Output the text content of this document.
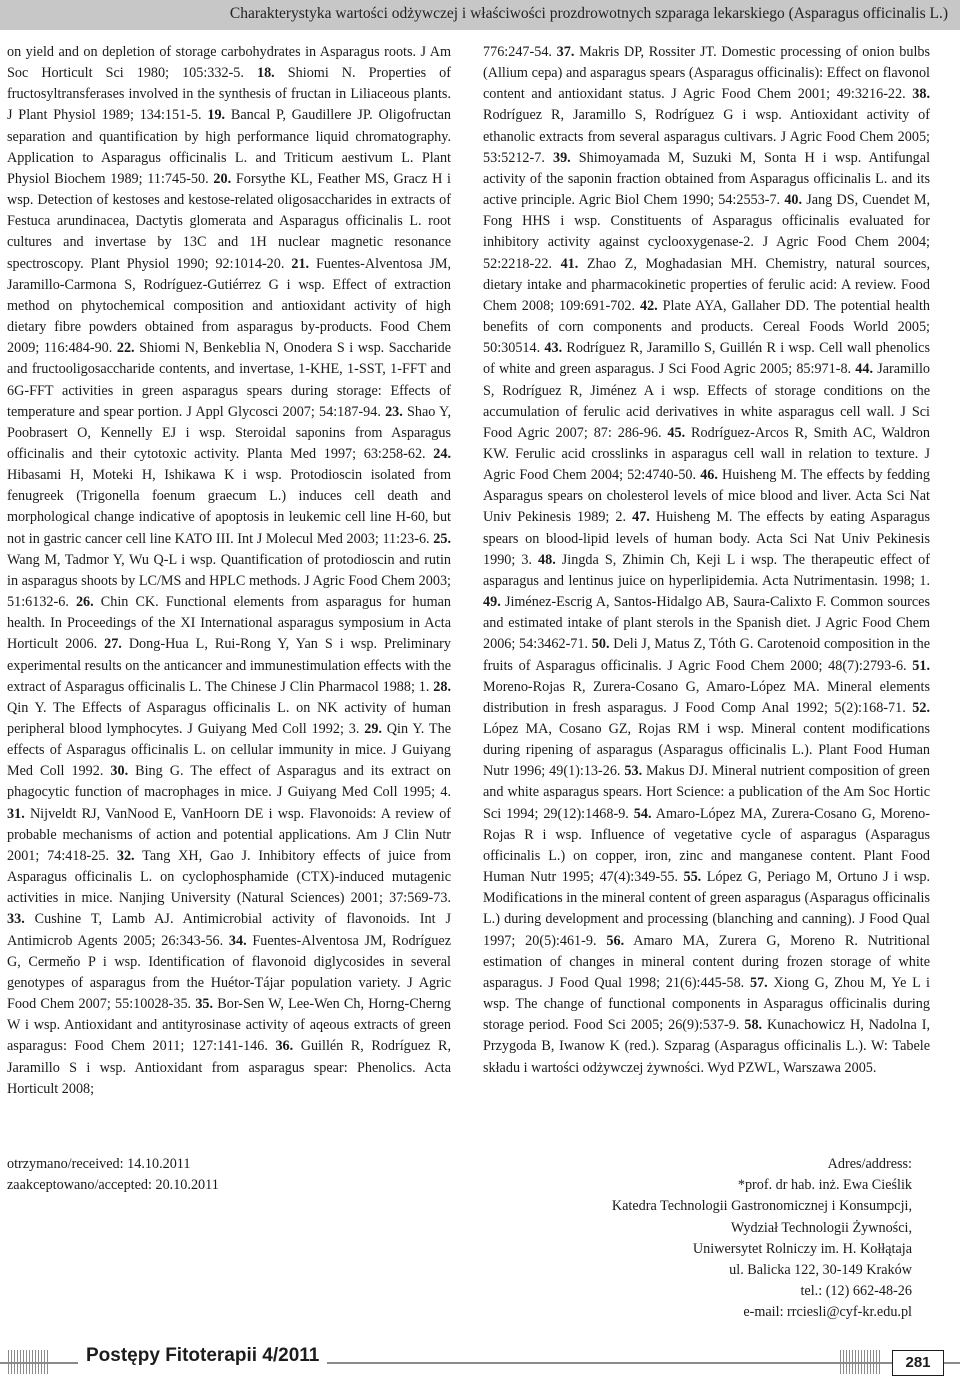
Charakterystyka wartości odżywczej i właściwości prozdrowotnych szparaga lekarskiego (Asparagus officinalis L.)

on yield and on depletion of storage carbohydrates in Asparagus roots. J Am Soc Horticult Sci 1980; 105:332-5. 18. Shiomi N. Properties of fructosyltransferases involved in the synthesis of fructan in Liliaceous plants. J Plant Physiol 1989; 134:151-5. 19. Bancal P, Gaudillere JP. Oligofructan separation and quantification by high performance liquid chromatography. Application to Asparagus officinalis L. and Triticum aestivum L. Plant Physiol Biochem 1989; 11:745-50. 20. Forsythe KL, Feather MS, Gracz H i wsp. Detection of kestoses and kestose-related oligosaccharides in extracts of Festuca arundinacea, Dactytis glomerata and Asparagus officinalis L. root cultures and invertase by 13C and 1H nuclear magnetic resonance spectroscopy. Plant Physiol 1990; 92:1014-20. 21. Fuentes-Alventosa JM, Jaramillo-Carmona S, Rodríguez-Gutiérrez G i wsp. Effect of extraction method on phytochemical composition and antioxidant activity of high dietary fibre powders obtained from asparagus by-products. Food Chem 2009; 116:484-90. 22. Shiomi N, Benkeblia N, Onodera S i wsp. Saccharide and fructooligosaccharide contents, and invertase, 1-KHE, 1-SST, 1-FFT and 6G-FFT activities in green asparagus spears during storage: Effects of temperature and spear portion. J Appl Glycosci 2007; 54:187-94. 23. Shao Y, Poobrasert O, Kennelly EJ i wsp. Steroidal saponins from Asparagus officinalis and their cytotoxic activity. Planta Med 1997; 63:258-62. 24. Hibasami H, Moteki H, Ishikawa K i wsp. Protodioscin isolated from fenugreek (Trigonella foenum graecum L.) induces cell death and morphological change indicative of apoptosis in leukemic cell line H-60, but not in gastric cancer cell line KATO III. Int J Molecul Med 2003; 11:23-6. 25. Wang M, Tadmor Y, Wu Q-L i wsp. Quantification of protodioscin and rutin in asparagus shoots by LC/MS and HPLC methods. J Agric Food Chem 2003; 51:6132-6. 26. Chin CK. Functional elements from asparagus for human health. In Proceedings of the XI International asparagus symposium in Acta Horticult 2006. 27. Dong-Hua L, Rui-Rong Y, Yan S i wsp. Preliminary experimental results on the anticancer and immunestimulation effects with the extract of Asparagus officinalis L. The Chinese J Clin Pharmacol 1988; 1. 28. Qin Y. The Effects of Asparagus officinalis L. on NK activity of human peripheral blood lymphocytes. J Guiyang Med Coll 1992; 3. 29. Qin Y. The effects of Asparagus officinalis L. on cellular immunity in mice. J Guiyang Med Coll 1992. 30. Bing G. The effect of Asparagus and its extract on phagocytic function of macrophages in mice. J Guiyang Med Coll 1995; 4. 31. Nijveldt RJ, VanNood E, VanHoorn DE i wsp. Flavonoids: A review of probable mechanisms of action and potential applications. Am J Clin Nutr 2001; 74:418-25. 32. Tang XH, Gao J. Inhibitory effects of juice from Asparagus officinalis L. on cyclophosphamide (CTX)-induced mutagenic activities in mice. Nanjing University (Natural Sciences) 2001; 37:569-73. 33. Cushine T, Lamb AJ. Antimicrobial activity of flavonoids. Int J Antimicrob Agents 2005; 26:343-56. 34. Fuentes-Alventosa JM, Rodríguez G, Cermeňo P i wsp. Identification of flavonoid diglycosides in several genotypes of asparagus from the Huétor-Tájar population variety. J Agric Food Chem 2007; 55:10028-35. 35. Bor-Sen W, Lee-Wen Ch, Horng-Cherng W i wsp. Antioxidant and antityrosinase activity of aqeous extracts of green asparagus: Food Chem 2011; 127:141-146. 36. Guillén R, Rodríguez R, Jaramillo S i wsp. Antioxidant from asparagus spear: Phenolics. Acta Horticult 2008;

776:247-54. 37. Makris DP, Rossiter JT. Domestic processing of onion bulbs (Allium cepa) and asparagus spears (Asparagus officinalis): Effect on flavonol content and antioxidant status. J Agric Food Chem 2001; 49:3216-22. 38. Rodríguez R, Jaramillo S, Rodríguez G i wsp. Antioxidant activity of ethanolic extracts from several asparagus cultivars. J Agric Food Chem 2005; 53:5212-7. 39. Shimoyamada M, Suzuki M, Sonta H i wsp. Antifungal activity of the saponin fraction obtained from Asparagus officinalis L. and its active principle. Agric Biol Chem 1990; 54:2553-7. 40. Jang DS, Cuendet M, Fong HHS i wsp. Constituents of Asparagus officinalis evaluated for inhibitory activity against cyclooxygenase-2. J Agric Food Chem 2004; 52:2218-22. 41. Zhao Z, Moghadasian MH. Chemistry, natural sources, dietary intake and pharmacokinetic properties of ferulic acid: A review. Food Chem 2008; 109:691-702. 42. Plate AYA, Gallaher DD. The potential health benefits of corn components and products. Cereal Foods World 2005; 50:30514. 43. Rodríguez R, Jaramillo S, Guillén R i wsp. Cell wall phenolics of white and green asparagus. J Sci Food Agric 2005; 85:971-8. 44. Jaramillo S, Rodríguez R, Jiménez A i wsp. Effects of storage conditions on the accumulation of ferulic acid derivatives in white asparagus cell wall. J Sci Food Agric 2007; 87: 286-96. 45. Rodríguez-Arcos R, Smith AC, Waldron KW. Ferulic acid crosslinks in asparagus cell wall in relation to texture. J Agric Food Chem 2004; 52:4740-50. 46. Huisheng M. The effects by fedding Asparagus spears on cholesterol levels of mice blood and liver. Acta Sci Nat Univ Pekinesis 1989; 2. 47. Huisheng M. The effects by eating Asparagus spears on blood-lipid levels of human body. Acta Sci Nat Univ Pekinesis 1990; 3. 48. Jingda S, Zhimin Ch, Keji L i wsp. The therapeutic effect of asparagus and lentinus juice on hyperlipidemia. Acta Nutrimentasin. 1998; 1. 49. Jiménez-Escrig A, Santos-Hidalgo AB, Saura-Calixto F. Common sources and estimated intake of plant sterols in the Spanish diet. J Agric Food Chem 2006; 54:3462-71. 50. Deli J, Matus Z, Tóth G. Carotenoid composition in the fruits of Asparagus officinalis. J Agric Food Chem 2000; 48(7):2793-6. 51. Moreno-Rojas R, Zurera-Cosano G, Amaro-López MA. Mineral elements distribution in fresh asparagus. J Food Comp Anal 1992; 5(2):168-71. 52. López MA, Cosano GZ, Rojas RM i wsp. Mineral content modifications during ripening of asparagus (Asparagus officinalis L.). Plant Food Human Nutr 1996; 49(1):13-26. 53. Makus DJ. Mineral nutrient composition of green and white asparagus spears. Hort Science: a publication of the Am Soc Hortic Sci 1994; 29(12):1468-9. 54. Amaro-López MA, Zurera-Cosano G, Moreno-Rojas R i wsp. Influence of vegetative cycle of asparagus (Asparagus officinalis L.) on copper, iron, zinc and manganese content. Plant Food Human Nutr 1995; 47(4):349-55. 55. López G, Periago M, Ortuno J i wsp. Modifications in the mineral content of green asparagus (Asparagus officinalis L.) during development and processing (blanching and canning). J Food Qual 1997; 20(5):461-9. 56. Amaro MA, Zurera G, Moreno R. Nutritional estimation of changes in mineral content during frozen storage of white asparagus. J Food Qual 1998; 21(6):445-58. 57. Xiong G, Zhou M, Ye L i wsp. The change of functional components in Asparagus officinalis during storage period. Food Sci 2005; 26(9):537-9. 58. Kunachowicz H, Nadolna I, Przygoda B, Iwanow K (red.). Szparag (Asparagus officinalis L.). W: Tabele składu i wartości odżywczej żywności. Wyd PZWL, Warszawa 2005.

otrzymano/received: 14.10.2011
zaakceptowano/accepted: 20.10.2011
Adres/address:
*prof. dr hab. inż. Ewa Cieślik
Katedra Technologii Gastronomicznej i Konsumpcji,
Wydział Technologii Żywności,
Uniwersytet Rolniczy im. H. Kołłątaja
ul. Balicka 122, 30-149 Kraków
tel.: (12) 662-48-26
e-mail: rrciesli@cyf-kr.edu.pl
Postępy Fitoterapii 4/2011	281
